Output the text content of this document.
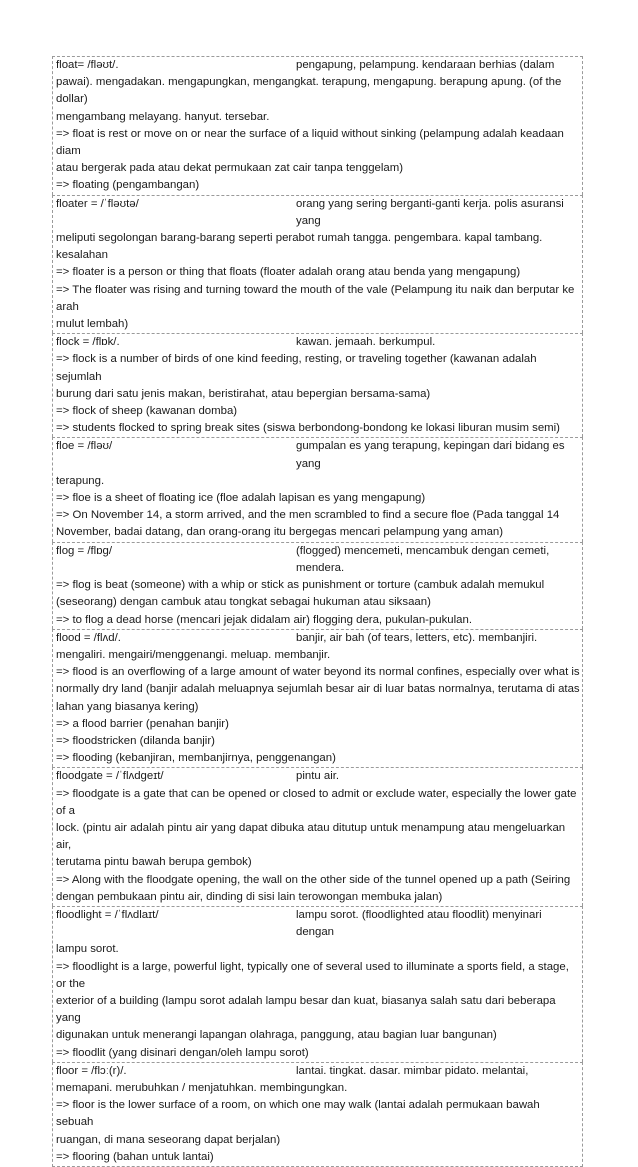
float= /fləʊt/.	pengapung, pelampung. kendaraan berhias (dalam
pawai). mengadakan. mengapungkan, mengangkat. terapung, mengapung. berapung apung. (of the dollar)
mengambang melayang. hanyut. tersebar.
=> float is rest or move on or near the surface of a liquid without sinking (pelampung adalah keadaan diam
atau bergerak pada atau dekat permukaan zat cair tanpa tenggelam)
=> floating (pengambangan)
floater = /ˈfləʊtə/	orang yang sering berganti-ganti kerja. polis asuransi yang
meliputi segolongan barang-barang seperti perabot rumah tangga. pengembara. kapal tambang. kesalahan
=> floater is a person or thing that floats (floater adalah orang atau benda yang mengapung)
=> The floater was rising and turning toward the mouth of the vale (Pelampung itu naik dan berputar ke arah
mulut lembah)
flock = /flɒk/.	kawan. jemaah. berkumpul.
=> flock is a number of birds of one kind feeding, resting, or traveling together (kawanan adalah sejumlah
burung dari satu jenis makan, beristirahat, atau bepergian bersama-sama)
=> flock of sheep (kawanan domba)
=> students flocked to spring break sites (siswa berbondong-bondong ke lokasi liburan musim semi)
floe = /fləʊ/	gumpalan es yang terapung, kepingan dari bidang es yang
terapung.
=> floe is a sheet of floating ice (floe adalah lapisan es yang mengapung)
=> On November 14, a storm arrived, and the men scrambled to find a secure floe (Pada tanggal 14
November, badai datang, dan orang-orang itu bergegas mencari pelampung yang aman)
flog = /flɒg/	(flogged) mencemeti, mencambuk dengan cemeti, mendera.
=> flog is beat (someone) with a whip or stick as punishment or torture (cambuk adalah memukul
(seseorang) dengan cambuk atau tongkat sebagai hukuman atau siksaan)
=> to flog a dead horse (mencari jejak didalam air) flogging dera, pukulan-pukulan.
flood = /flʌd/.	banjir, air bah (of tears, letters, etc). membanjiri.
mengaliri. mengairi/menggenangi. meluap. membanjir.
=> flood is an overflowing of a large amount of water beyond its normal confines, especially over what is
normally dry land (banjir adalah meluapnya sejumlah besar air di luar batas normalnya, terutama di atas
lahan yang biasanya kering)
=> a flood barrier (penahan banjir)
=> floodstricken (dilanda banjir)
=> flooding (kebanjiran, membanjirnya, penggenangan)
floodgate = /ˈflʌdgeɪt/	pintu air.
=> floodgate is a gate that can be opened or closed to admit or exclude water, especially the lower gate of a
lock. (pintu air adalah pintu air yang dapat dibuka atau ditutup untuk menampung atau mengeluarkan air,
terutama pintu bawah berupa gembok)
=> Along with the floodgate opening, the wall on the other side of the tunnel opened up a path (Seiring
dengan pembukaan pintu air, dinding di sisi lain terowongan membuka jalan)
floodlight = /ˈflʌdlaɪt/	lampu sorot. (floodlighted atau floodlit) menyinari dengan
lampu sorot.
=> floodlight is a large, powerful light, typically one of several used to illuminate a sports field, a stage, or the
exterior of a building (lampu sorot adalah lampu besar dan kuat, biasanya salah satu dari beberapa yang
digunakan untuk menerangi lapangan olahraga, panggung, atau bagian luar bangunan)
=> floodlit (yang disinari dengan/oleh lampu sorot)
floor = /flɔː(r)/.	lantai. tingkat. dasar. mimbar pidato. melantai,
memapani. merubuhkan / menjatuhkan. membingungkan.
=> floor is the lower surface of a room, on which one may walk (lantai adalah permukaan bawah sebuah
ruangan, di mana seseorang dapat berjalan)
=> flooring (bahan untuk lantai)
